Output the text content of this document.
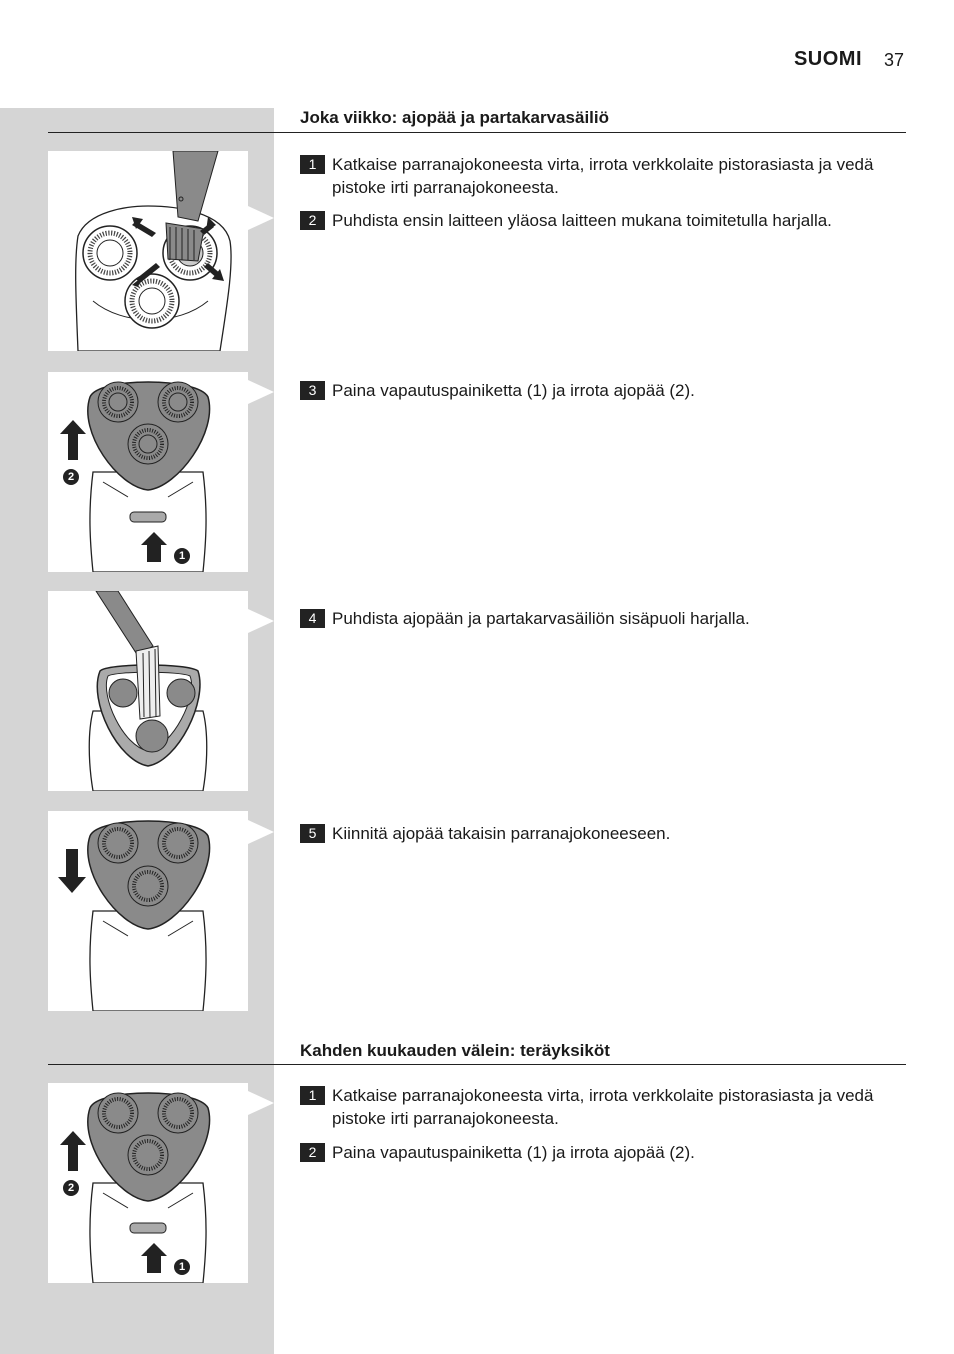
SUOMI 37
Joka viikko: ajopää ja partakarvasäiliö
2
1
Kahden kuukauden välein: teräyksiköt
2
1
1 Katkaise parranajokoneesta virta, irrota verkkolaite pistorasiasta ja vedä pistoke irti parranajokoneesta.
2 Puhdista ensin laitteen yläosa laitteen mukana toimitetulla harjalla.
3 Paina vapautuspainiketta (1) ja irrota ajopää (2).
4 Puhdista ajopään ja partakarvasäiliön sisäpuoli harjalla.
5 Kiinnitä ajopää takaisin parranajokoneeseen.
1 Katkaise parranajokoneesta virta, irrota verkkolaite pistorasiasta ja vedä pistoke irti parranajokoneesta.
2 Paina vapautuspainiketta (1) ja irrota ajopää (2).
